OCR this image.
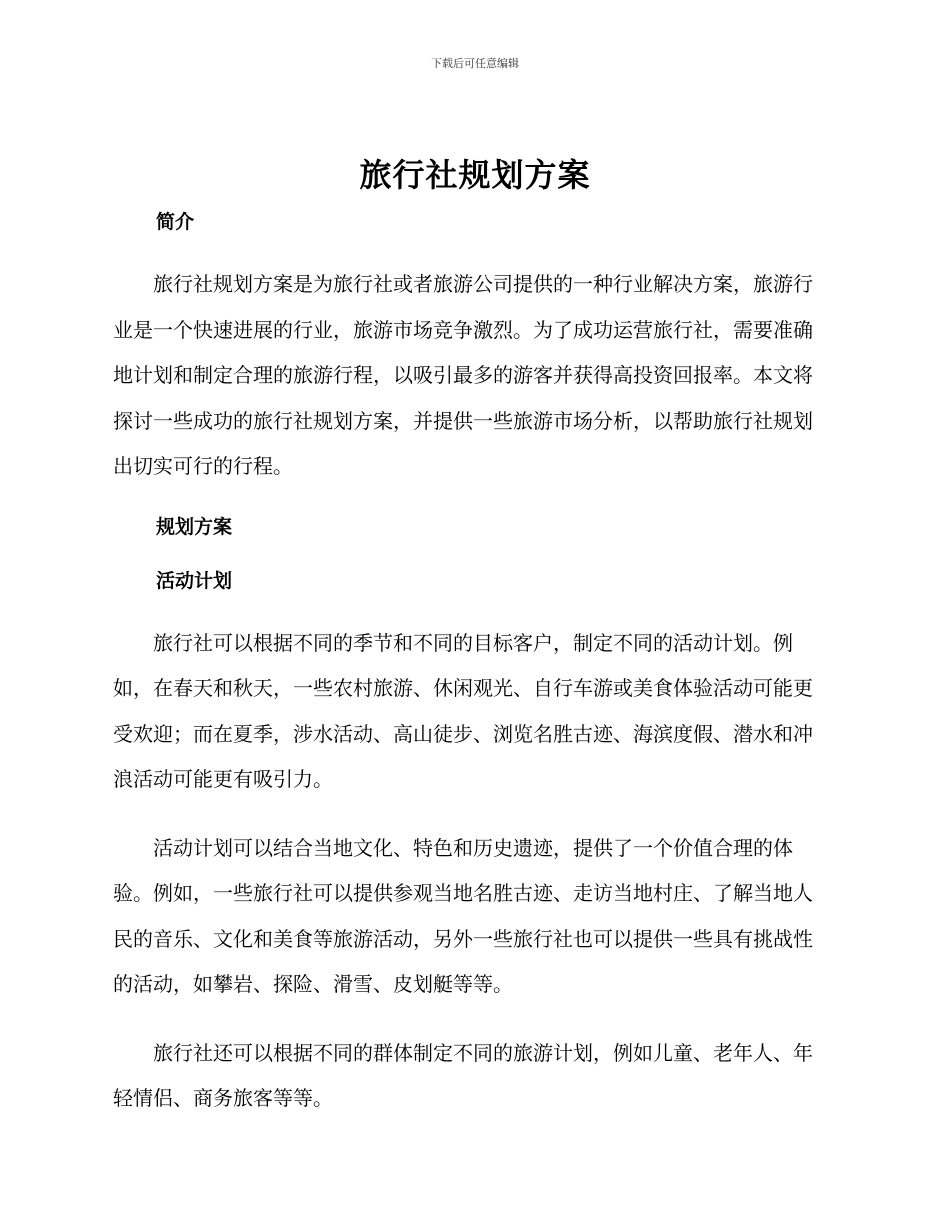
下载后可任意编辑
旅行社规划方案
简介

旅行社规划方案是为旅行社或者旅游公司提供的一种行业解决方案，旅游行业是一个快速进展的行业，旅游市场竞争激烈。为了成功运营旅行社，需要准确地计划和制定合理的旅游行程，以吸引最多的游客并获得高投资回报率。本文将探讨一些成功的旅行社规划方案，并提供一些旅游市场分析，以帮助旅行社规划出切实可行的行程。

规划方案
活动计划

旅行社可以根据不同的季节和不同的目标客户，制定不同的活动计划。例如，在春天和秋天，一些农村旅游、休闲观光、自行车游或美食体验活动可能更受欢迎；而在夏季，涉水活动、高山徒步、浏览名胜古迹、海滨度假、潜水和冲浪活动可能更有吸引力。

活动计划可以结合当地文化、特色和历史遗迹，提供了一个价值合理的体验。例如，一些旅行社可以提供参观当地名胜古迹、走访当地村庄、了解当地人民的音乐、文化和美食等旅游活动，另外一些旅行社也可以提供一些具有挑战性的活动，如攀岩、探险、滑雪、皮划艇等等。

旅行社还可以根据不同的群体制定不同的旅游计划，例如儿童、老年人、年轻情侣、商务旅客等等。
